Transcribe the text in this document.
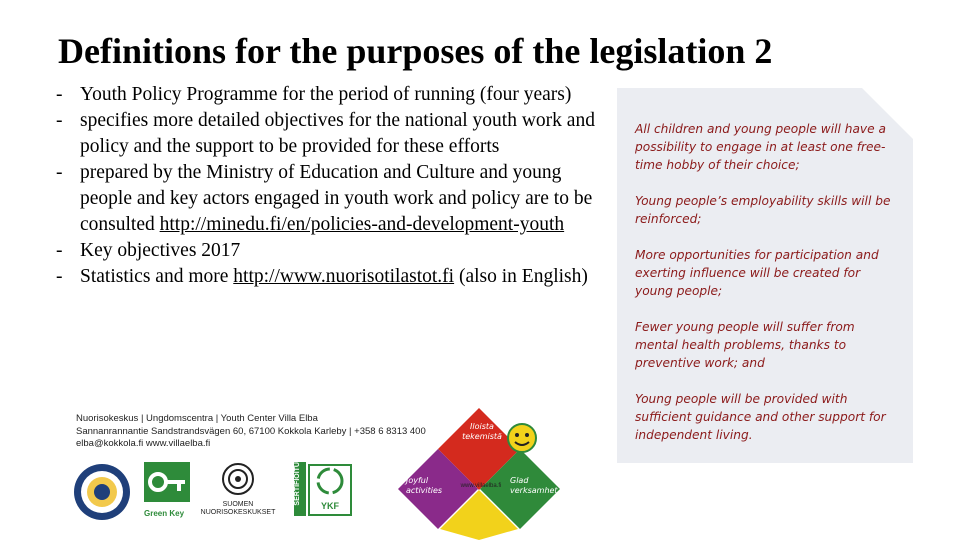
Definitions for the purposes of the legislation 2
- Youth Policy Programme for the period of running (four years)
- specifies more detailed objectives for the national youth work and policy and the support to be provided for these efforts
- prepared by the Ministry of Education and Culture and young people and key actors engaged in youth work and policy are to be consulted http://minedu.fi/en/policies-and-development-youth
- Key objectives 2017
- Statistics and more http://www.nuorisotilastot.fi (also in English)
All children and young people will have a possibility to engage in at least one free-time hobby of their choice;
Young people’s employability skills will be reinforced;
More opportunities for participation and exerting influence will be created for young people;
Fewer young people will suffer from mental health problems, thanks to preventive work; and
Young people will be provided with sufficient guidance and other support for independent living.
Nuorisokeskus | Ungdomscentra | Youth Center Villa Elba
Sannanrannantie Sandstrandsvägen 60, 67100 Kokkola Karleby | +358 6 8313 400
elba@kokkola.fi www.villaelba.fi
Green Key
SUOMEN
NUORISOKESKUKSET
SERTIFIOITU
YKF
Iloista
tekemistä
Joyful
activities
Glad
verksamhet
www.villaelba.fi
